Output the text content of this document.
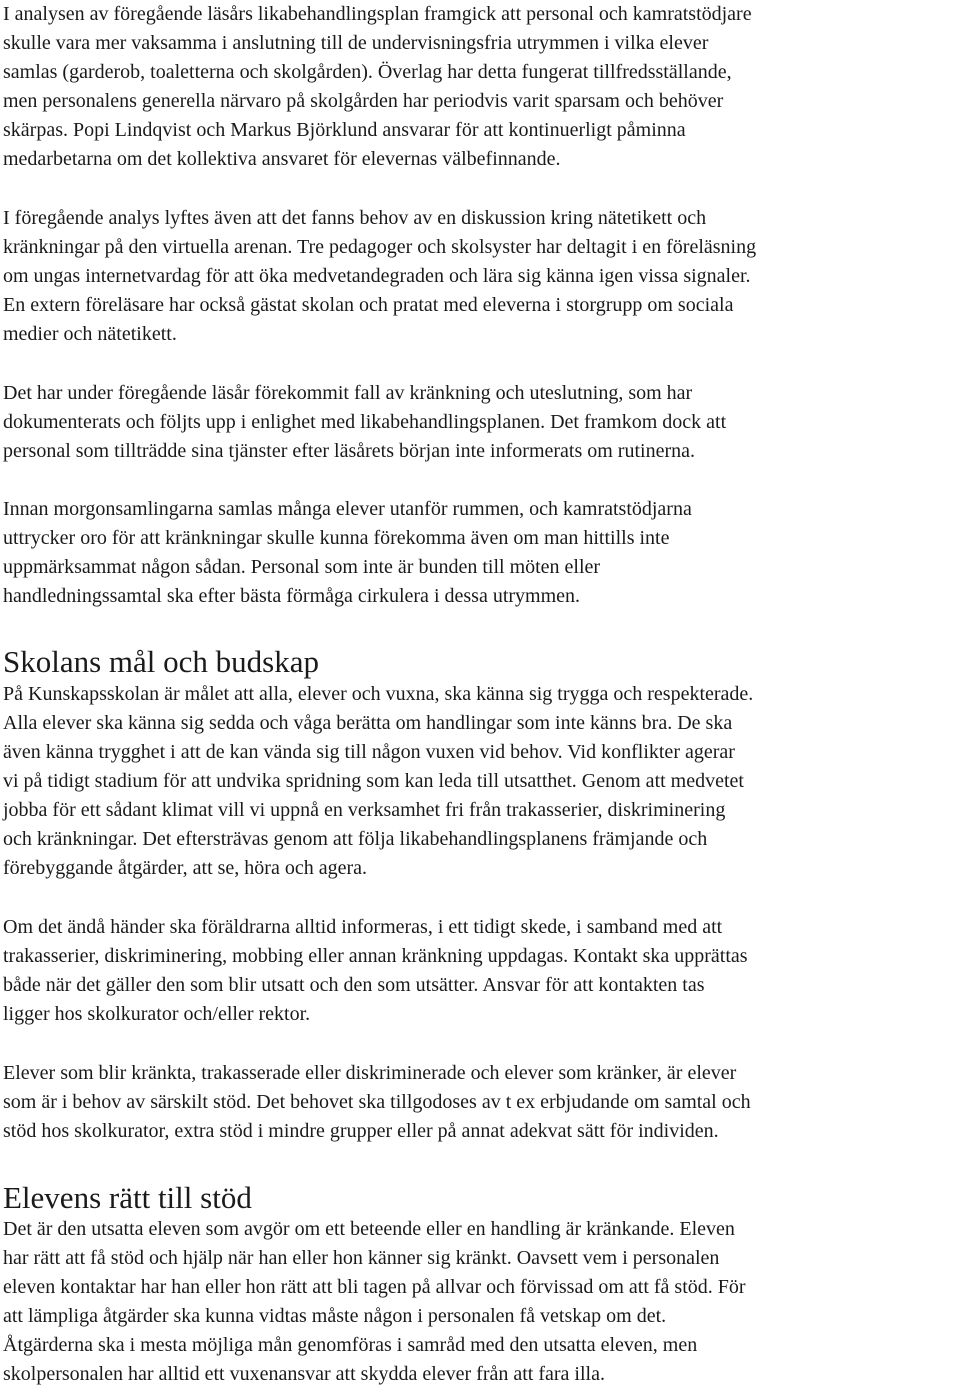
I analysen av föregående läsårs likabehandlingsplan framgick att personal och kamratstödjare
skulle vara mer vaksamma i anslutning till de undervisningsfria utrymmen i vilka elever
samlas (garderob, toaletterna och skolgården). Överlag har detta fungerat tillfredsställande,
men personalens generella närvaro på skolgården har periodvis varit sparsam och behöver
skärpas. Popi Lindqvist och Markus Björklund ansvarar för att kontinuerligt påminna
medarbetarna om det kollektiva ansvaret för elevernas välbefinnande.
I föregående analys lyftes även att det fanns behov av en diskussion kring nätetikett och
kränkningar på den virtuella arenan. Tre pedagoger och skolsyster har deltagit i en föreläsning
om ungas internetvardag för att öka medvetandegraden och lära sig känna igen vissa signaler.
En extern föreläsare har också gästat skolan och pratat med eleverna i storgrupp om sociala
medier och nätetikett.
Det har under föregående läsår förekommit fall av kränkning och uteslutning, som har
dokumenterats och följts upp i enlighet med likabehandlingsplanen. Det framkom dock att
personal som tillträdde sina tjänster efter läsårets början inte informerats om rutinerna.
Innan morgonsamlingarna samlas många elever utanför rummen, och kamratstödjarna
uttrycker oro för att kränkningar skulle kunna förekomma även om man hittills inte
uppmärksammat någon sådan. Personal som inte är bunden till möten eller
handledningssamtal ska efter bästa förmåga cirkulera i dessa utrymmen.
Skolans mål och budskap
På Kunskapsskolan är målet att alla, elever och vuxna, ska känna sig trygga och respekterade.
Alla elever ska känna sig sedda och våga berätta om handlingar som inte känns bra. De ska
även känna trygghet i att de kan vända sig till någon vuxen vid behov. Vid konflikter agerar
vi på tidigt stadium för att undvika spridning som kan leda till utsatthet. Genom att medvetet
jobba för ett sådant klimat vill vi uppnå en verksamhet fri från trakasserier, diskriminering
och kränkningar. Det eftersträvas genom att följa likabehandlingsplanens främjande och
förebyggande åtgärder, att se, höra och agera.
Om det ändå händer ska föräldrarna alltid informeras, i ett tidigt skede, i samband med att
trakasserier, diskriminering, mobbing eller annan kränkning uppdagas. Kontakt ska upprättas
både när det gäller den som blir utsatt och den som utsätter. Ansvar för att kontakten tas
ligger hos skolkurator och/eller rektor.
Elever som blir kränkta, trakasserade eller diskriminerade och elever som kränker, är elever
som är i behov av särskilt stöd. Det behovet ska tillgodoses av t ex erbjudande om samtal och
stöd hos skolkurator, extra stöd i mindre grupper eller på annat adekvat sätt för individen.
Elevens rätt till stöd
Det är den utsatta eleven som avgör om ett beteende eller en handling är kränkande. Eleven
har rätt att få stöd och hjälp när han eller hon känner sig kränkt. Oavsett vem i personalen
eleven kontaktar har han eller hon rätt att bli tagen på allvar och förvissad om att få stöd. För
att lämpliga åtgärder ska kunna vidtas måste någon i personalen få vetskap om det.
Åtgärderna ska i mesta möjliga mån genomföras i samråd med den utsatta eleven, men
skolpersonalen har alltid ett vuxenansvar att skydda elever från att fara illa.
